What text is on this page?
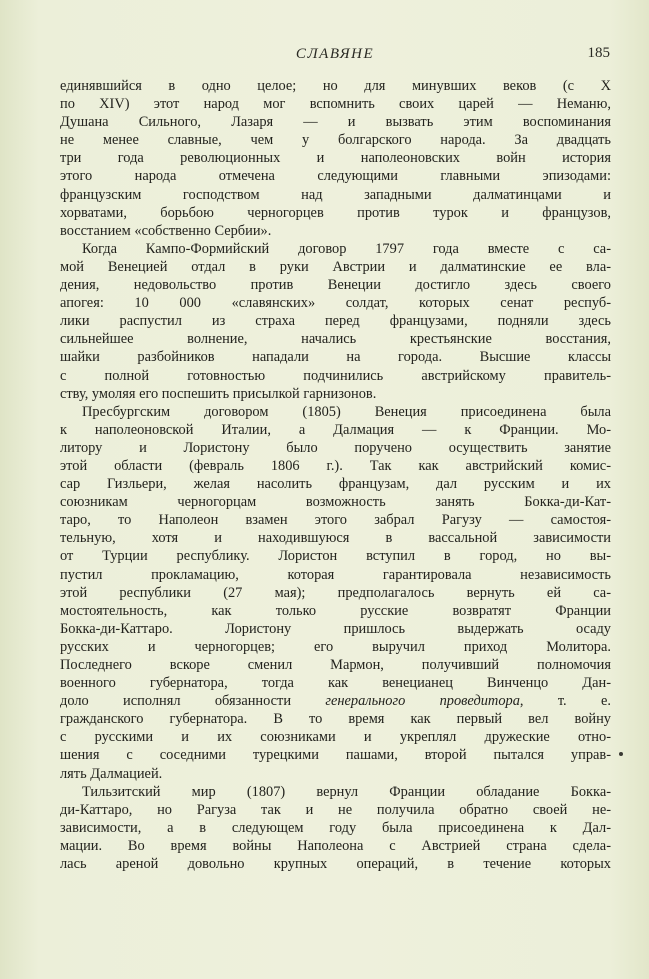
СЛАВЯНЕ	185
единявшийся в одно целое; но для минувших веков (с X
по XIV) этот народ мог вспомнить своих царей — Неманю,
Душана Сильного, Лазаря — и вызвать этим воспоминания
не менее славные, чем у болгарского народа. За двадцать
три года революционных и наполеоновских войн история
этого народа отмечена следующими главными эпизодами:
французским господством над западными далматинцами и
хорватами, борьбою черногорцев против турок и французов,
восстанием «собственно Сербии».
Когда Кампо-Формийский договор 1797 года вместе с са-
мой Венецией отдал в руки Австрии и далматинские ее вла-
дения, недовольство против Венеции достигло здесь своего
апогея: 10 000 «славянских» солдат, которых сенат респуб-
лики распустил из страха перед французами, подняли здесь
сильнейшее волнение, начались крестьянские восстания,
шайки разбойников нападали на города. Высшие классы
с полной готовностью подчинились австрийскому правитель-
ству, умоляя его поспешить присылкой гарнизонов.
Пресбургским договором (1805) Венеция присоединена была
к наполеоновской Италии, а Далмация — к Франции. Мо-
литору и Лористону было поручено осуществить занятие
этой области (февраль 1806 г.). Так как австрийский комис-
сар Гизльери, желая насолить французам, дал русским и их
союзникам черногорцам возможность занять Бокка-ди-Кат-
таро, то Наполеон взамен этого забрал Рагузу — самостоя-
тельную, хотя и находившуюся в вассальной зависимости
от Турции республику. Лористон вступил в город, но вы-
пустил прокламацию, которая гарантировала независимость
этой республики (27 мая); предполагалось вернуть ей са-
мостоятельность, как только русские возвратят Франции
Бокка-ди-Каттаро. Лористону пришлось выдержать осаду
русских и черногорцев; его выручил приход Молитора.
Последнего вскоре сменил Мармон, получивший полномочия
военного губернатора, тогда как венецианец Винченцо Дан-
доло исполнял обязанности генерального проведитора, т. е.
гражданского губернатора. В то время как первый вел войну
с русскими и их союзниками и укреплял дружеские отно-
шения с соседними турецкими пашами, второй пытался управ-
лять Далмацией.
Тильзитский мир (1807) вернул Франции обладание Бокка-
ди-Каттаро, но Рагуза так и не получила обратно своей не-
зависимости, а в следующем году была присоединена к Дал-
мации. Во время войны Наполеона с Австрией страна сдела-
лась ареной довольно крупных операций, в течение которых
